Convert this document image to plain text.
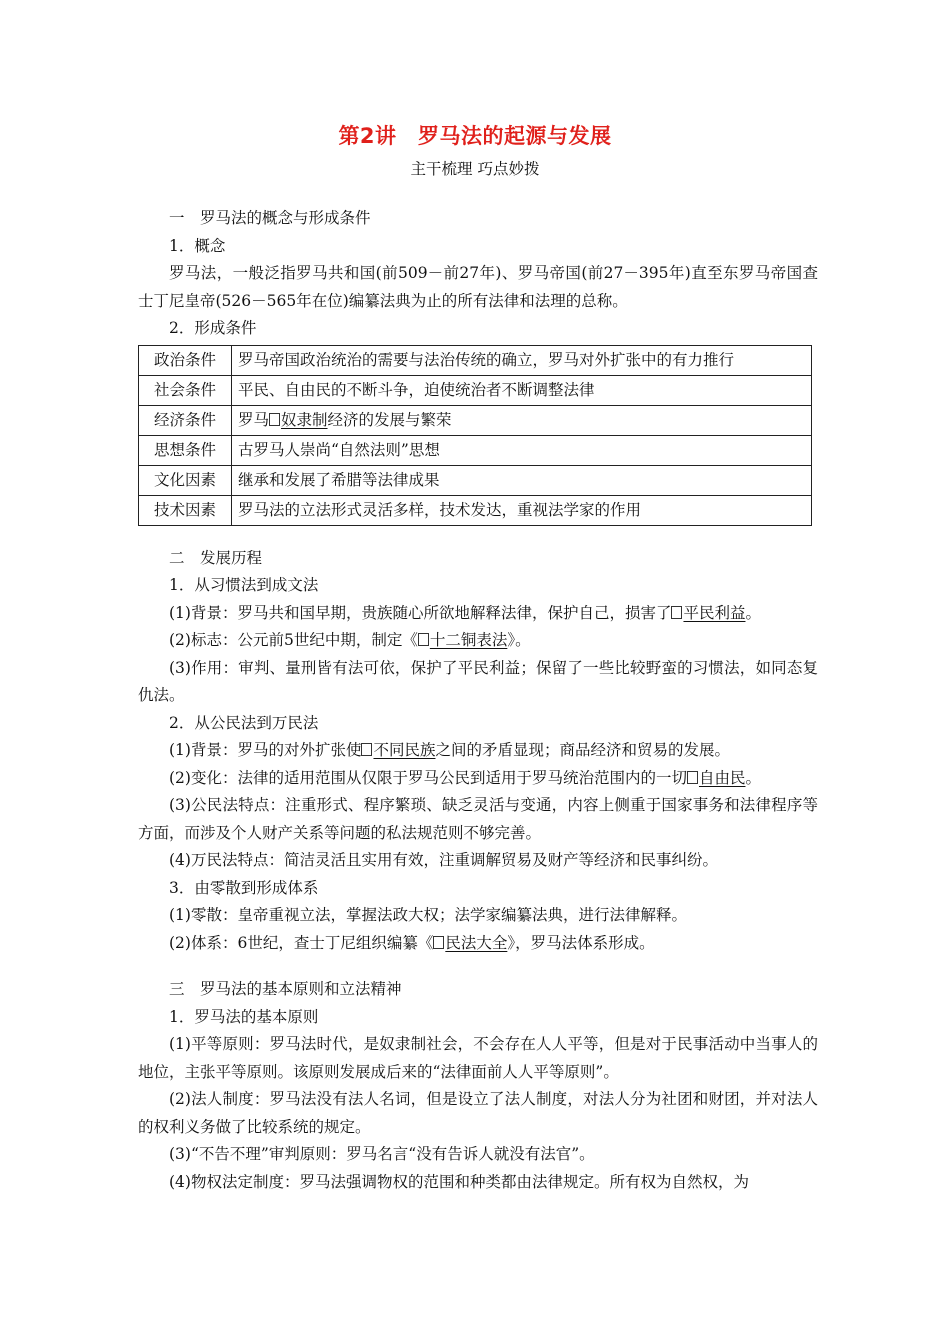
第2讲　罗马法的起源与发展
主干梳理 巧点妙拨

一　罗马法的概念与形成条件

1．概念

罗马法，一般泛指罗马共和国(前509－前27年)、罗马帝国(前27－395年)直至东罗马帝国查士丁尼皇帝(526－565年在位)编纂法典为止的所有法律和法理的总称。

2．形成条件

政治条件	罗马帝国政治统治的需要与法治传统的确立，罗马对外扩张中的有力推行
社会条件	平民、自由民的不断斗争，迫使统治者不断调整法律
经济条件	罗马 奴隶制经济的发展与繁荣
思想条件	古罗马人崇尚“自然法则”思想
文化因素	继承和发展了希腊等法律成果
技术因素	罗马法的立法形式灵活多样，技术发达，重视法学家的作用

二　发展历程

1．从习惯法到成文法

(1)背景：罗马共和国早期，贵族随心所欲地解释法律，保护自己，损害了 平民利益。

(2)标志：公元前5世纪中期，制定《 十二铜表法》。

(3)作用：审判、量刑皆有法可依，保护了平民利益；保留了一些比较野蛮的习惯法，如同态复仇法。

2．从公民法到万民法

(1)背景：罗马的对外扩张使 不同民族之间的矛盾显现；商品经济和贸易的发展。

(2)变化：法律的适用范围从仅限于罗马公民到适用于罗马统治范围内的一切 自由民。

(3)公民法特点：注重形式、程序繁琐、缺乏灵活与变通，内容上侧重于国家事务和法律程序等方面，而涉及个人财产关系等问题的私法规范则不够完善。

(4)万民法特点：简洁灵活且实用有效，注重调解贸易及财产等经济和民事纠纷。

3．由零散到形成体系

(1)零散：皇帝重视立法，掌握法政大权；法学家编纂法典，进行法律解释。

(2)体系：6世纪，查士丁尼组织编纂《 民法大全》，罗马法体系形成。

三　罗马法的基本原则和立法精神

1．罗马法的基本原则

(1)平等原则：罗马法时代，是奴隶制社会，不会存在人人平等，但是对于民事活动中当事人的地位，主张平等原则。该原则发展成后来的“法律面前人人平等原则”。

(2)法人制度：罗马法没有法人名词，但是设立了法人制度，对法人分为社团和财团，并对法人的权利义务做了比较系统的规定。

(3)“不告不理”审判原则：罗马名言“没有告诉人就没有法官”。

(4)物权法定制度：罗马法强调物权的范围和种类都由法律规定。所有权为自然权，为
